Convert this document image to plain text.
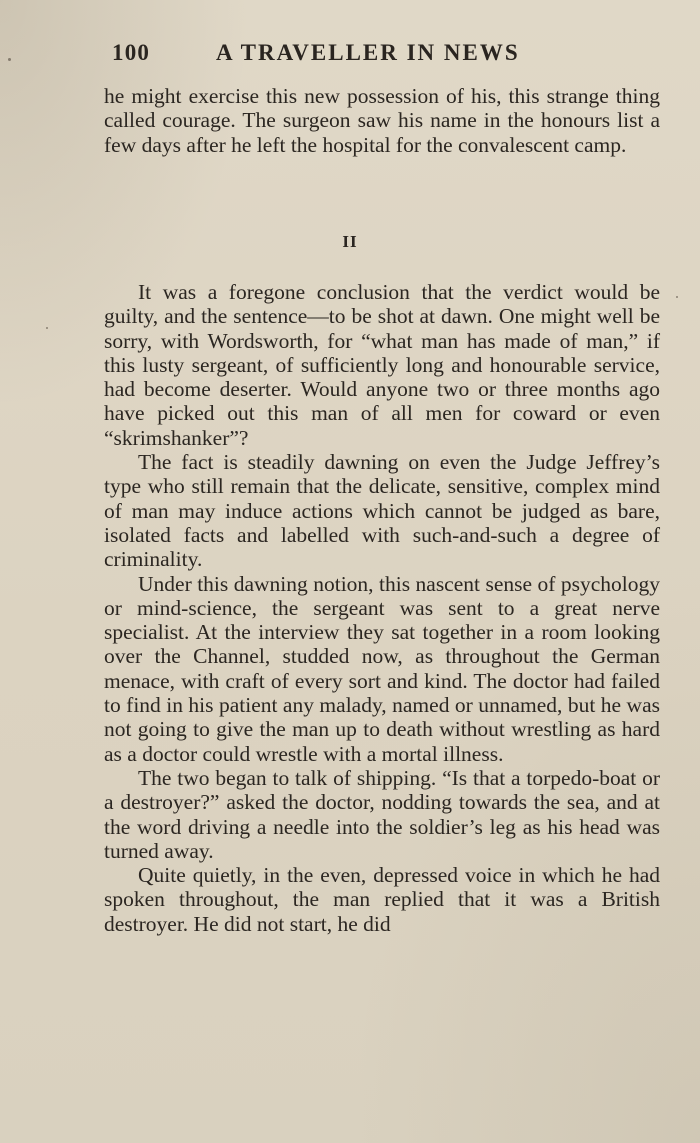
100	A TRAVELLER IN NEWS

he might exercise this new possession of his, this strange thing called courage. The surgeon saw his name in the honours list a few days after he left the hospital for the convalescent camp.

II

It was a foregone conclusion that the verdict would be guilty, and the sentence—to be shot at dawn. One might well be sorry, with Wordsworth, for “what man has made of man,” if this lusty sergeant, of sufficiently long and honourable service, had become deserter. Would anyone two or three months ago have picked out this man of all men for coward or even “skrimshanker”?

The fact is steadily dawning on even the Judge Jeffrey’s type who still remain that the delicate, sensitive, complex mind of man may induce actions which cannot be judged as bare, isolated facts and labelled with such-and-such a degree of criminality.

Under this dawning notion, this nascent sense of psychology or mind-science, the sergeant was sent to a great nerve specialist. At the interview they sat together in a room looking over the Channel, studded now, as throughout the German menace, with craft of every sort and kind. The doctor had failed to find in his patient any malady, named or unnamed, but he was not going to give the man up to death without wrestling as hard as a doctor could wrestle with a mortal illness.

The two began to talk of shipping. “Is that a torpedo-boat or a destroyer?” asked the doctor, nodding towards the sea, and at the word driving a needle into the soldier’s leg as his head was turned away.

Quite quietly, in the even, depressed voice in which he had spoken throughout, the man replied that it was a British destroyer. He did not start, he did
